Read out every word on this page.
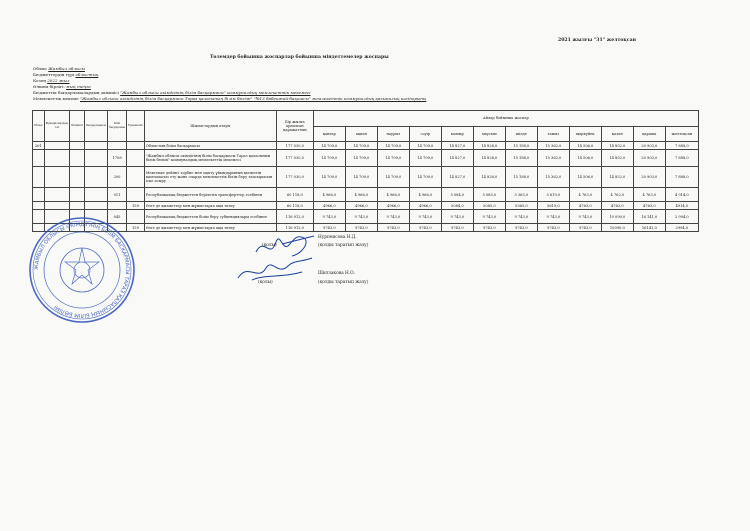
2021 жылғы "31" желтоқсан
Төлемдер бойынша жоспарлар бойынша міндеттемелер жоспары
Облыс Жамбыл облысы
Бюджеттердің түрі облыстық
Кезең 2022 жыл
Өлшем бірлігі: мың теңге
Бюджеттік бағдарламалардың әкімшісі "Жамбыл облысы әкімдігінің білім басқармасы" коммуналдық мемлекеттік мекемесі
Мемлекеттік мекеме "Жамбыл облысы әкімдігінің білім басқармасы Тараз қаласының білім бөлімі" "№13 бөбекжай-бақшасы" мемлекеттік коммуналдық қазыналық кәсіпорыны
Облыс	Функционалдық топ	Әкімшісі	Бағдарламасы	Кіші бағдарлама	Ерекшелік	Шығыстардың атауы	Бір жылға арналған қаражаттың	Айлар бойынша жоспар											
								қаңтар	ақпан	наурыз	сәуір	мамыр	маусым	шілде	тамыз	қыркүйек	қазан	қараша	желтоқсан
261						Облыстың білім басқармасы	177 030,0	14 709,0	14 709,0	14 709,0	14 709,0	14 827,0	14 828,0	15 188,0	15 362,0	14 506,0	14 852,0	20 903,0	7 888,0
				1708		"Жамбыл облысы әкімдігінің білім басқармасы Тараз қаласының білім бөлімі" коммуналдық мемлекеттік мекемесі	177 030,0	14 709,0	14 709,0	14 709,0	14 709,0	14 827,0	14 828,0	15 188,0	15 362,0	14 506,0	14 852,0	20 903,0	7 888,0
				200		Мектепке дейінгі тәрбие мен оқыту ұйымдарының қызметін қамтамасыз ету және оларда мемлекеттік білім беру тапсырысын іске асыру	177 030,0	14 709,0	14 709,0	14 709,0	14 709,0	14 827,0	14 828,0	15 188,0	15 362,0	14 506,0	14 852,0	20 903,0	7 888,0
				011		Республикалық бюджеттен берілетін трансферттер есебінен	60 118,0	4 966,0	4 966,0	4 966,0	4 966,0	5 084,0	5 085,0	5 365,0	5 619,0	4 763,0	4 762,0	4 763,0	4 914,0
					159	Өзге де қызметтер мен жұмыстарға ақы төлеу	60 118,0	4966,0	4966,0	4966,0	4966,0	5084,0	5085,0	5365,0	5619,0	4763,0	4762,0	4763,0	4914,0
				045		Республикалық бюджеттен білім беру субвенциялары есебінен	116 912,0	9 743,0	9 743,0	9 743,0	9 743,0	9 743,0	9 743,0	9 743,0	9 743,0	9 743,0	10 090,0	16 141,0	2 994,0
					159	Өзге де қызметтер мен жұмыстарға ақы төлеу	116 912,0	9743,0	9743,0	9743,0	9743,0	9743,0	9743,0	9743,0	9743,0	9743,0	10090,0	16141,0	2994,0
Нурпеисова Н.Д.
(қолы)	(қолды таратып жазу)
Шилзакова Н.О.
(қолы)	(қолды таратып жазу)
ЖАМБЫЛ ОБЛЫСЫ ӘКІМДІГІНІҢ БІЛІМ БАСҚАРМАСЫ ТАРАЗ ҚАЛАСЫНЫҢ БІЛІМ БӨЛІМІ
